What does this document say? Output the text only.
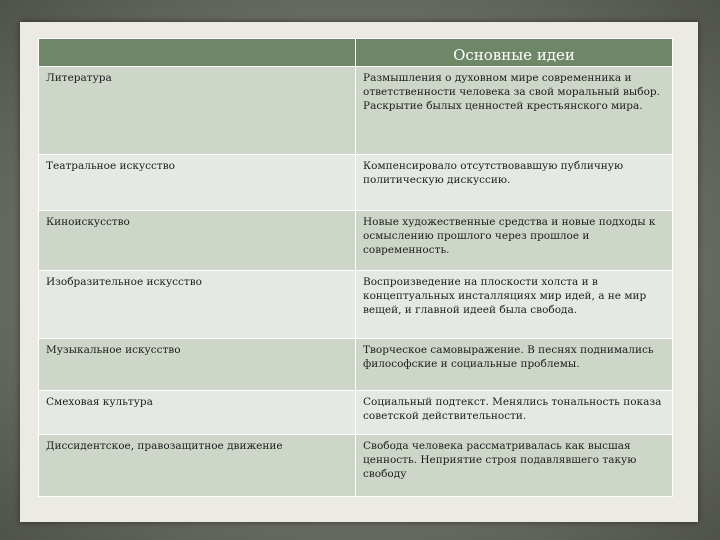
	Основные идеи
Литература	Размышления о духовном мире современника и ответственности человека за свой моральный выбор. Раскрытие былых ценностей крестьянского мира.
Театральное искусство	Компенсировало отсутствовавшую публичную политическую дискуссию.
Киноискусство	Новые художественные средства и новые подходы к осмыслению прошлого через прошлое и современность.
Изобразительное искусство	Воспроизведение на плоскости холста и в концептуальных инсталляциях мир идей, а не мир вещей, и главной идеей была свобода.
Музыкальное искусство	Творческое самовыражение. В песнях поднимались философские и социальные проблемы.
Смеховая культура	Социальный подтекст. Менялись тональность показа советской действительности.
Диссидентское, правозащитное движение	Свобода человека рассматривалась как высшая ценность. Неприятие строя подавлявшего такую свободу
